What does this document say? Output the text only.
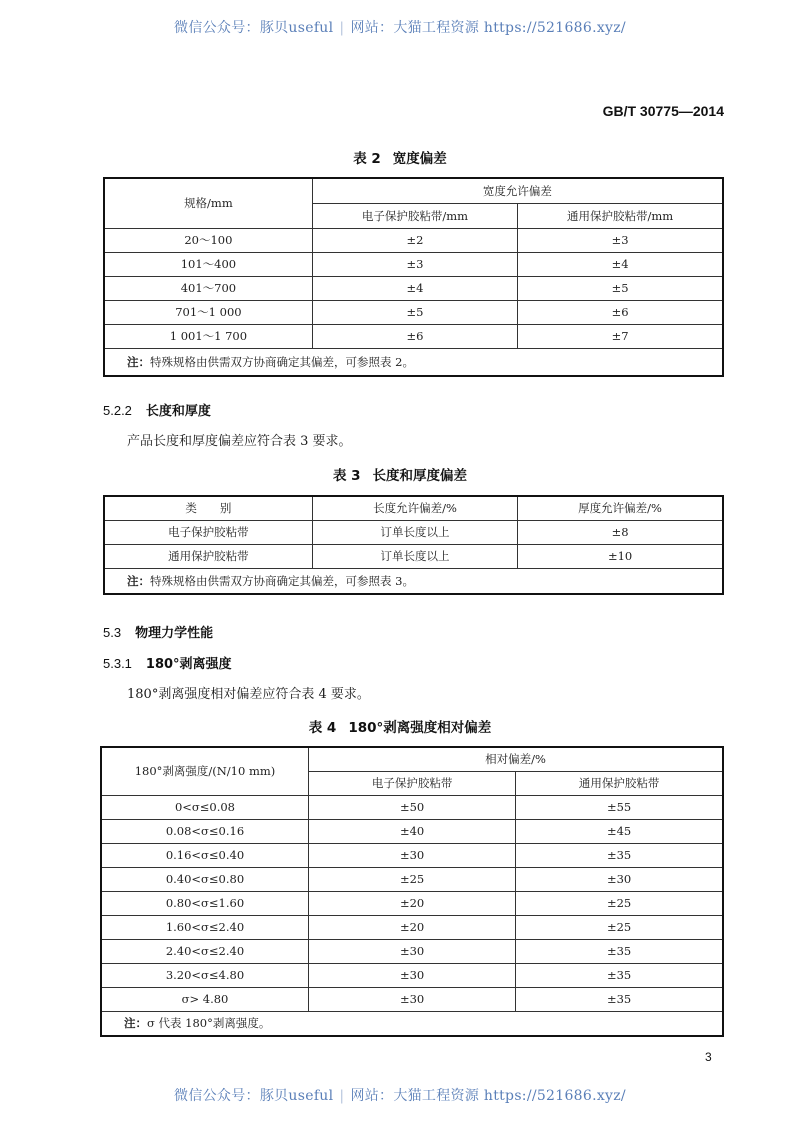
微信公众号：豚贝useful | 网站：大猫工程资源 https://521686.xyz/
GB/T 30775—2014
表 2 宽度偏差
规格/mm	宽度允许偏差	
	电子保护胶粘带/mm	通用保护胶粘带/mm
20～100	±2	±3
101～400	±3	±4
401～700	±4	±5
701～1 000	±5	±6
1 001～1 700	±6	±7
注：特殊规格由供需双方协商确定其偏差，可参照表 2。		
5.2.2 长度和厚度
产品长度和厚度偏差应符合表 3 要求。
表 3 长度和厚度偏差
类　　别	长度允许偏差/%	厚度允许偏差/%
电子保护胶粘带	订单长度以上	±8
通用保护胶粘带	订单长度以上	±10
注：特殊规格由供需双方协商确定其偏差，可参照表 3。		
5.3 物理力学性能
5.3.1 180°剥离强度
180°剥离强度相对偏差应符合表 4 要求。
表 4 180°剥离强度相对偏差
180°剥离强度/(N/10 mm)	相对偏差/%	
	电子保护胶粘带	通用保护胶粘带
0<σ≤0.08	±50	±55
0.08<σ≤0.16	±40	±45
0.16<σ≤0.40	±30	±35
0.40<σ≤0.80	±25	±30
0.80<σ≤1.60	±20	±25
1.60<σ≤2.40	±20	±25
2.40<σ≤2.40	±30	±35
3.20<σ≤4.80	±30	±35
σ> 4.80	±30	±35
注：σ 代表 180°剥离强度。		
3
微信公众号：豚贝useful | 网站：大猫工程资源 https://521686.xyz/
